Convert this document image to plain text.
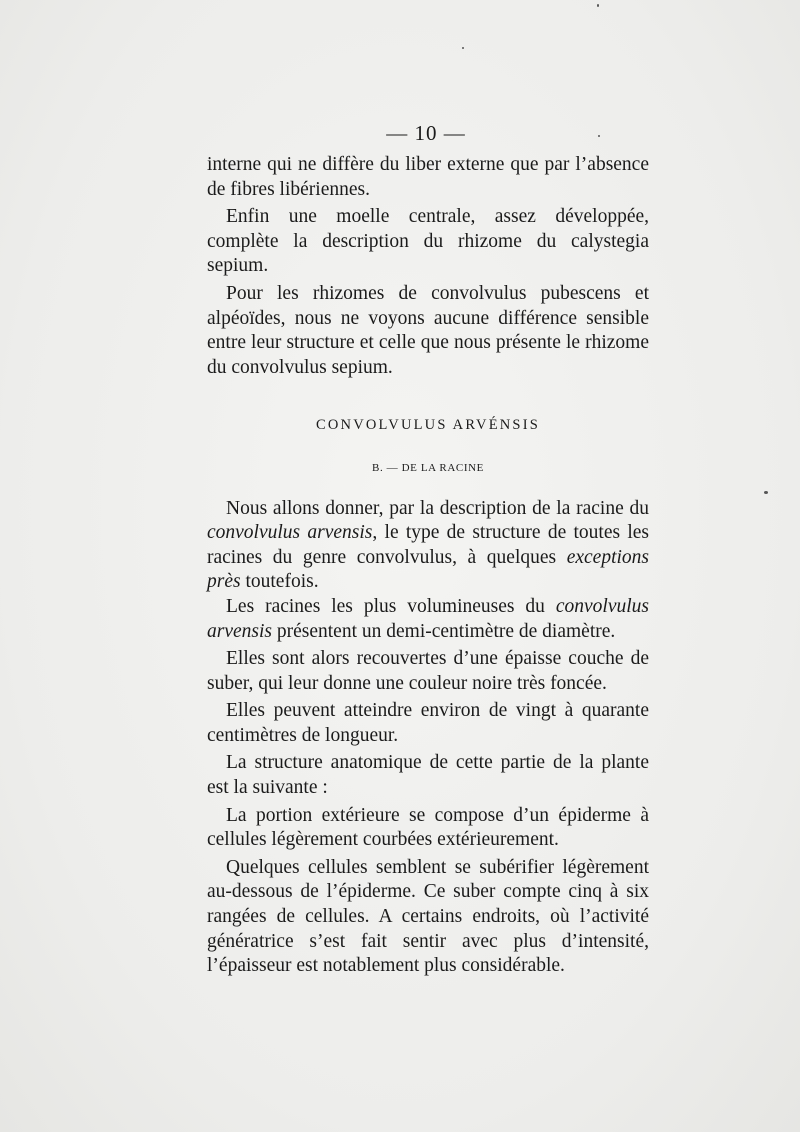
— 10 —

interne qui ne diffère du liber externe que par l’absence de fibres libériennes.

Enfin une moelle centrale, assez développée, complète la description du rhizome du calystegia sepium.

Pour les rhizomes de convolvulus pubescens et alpéoïdes, nous ne voyons aucune différence sensible entre leur structure et celle que nous présente le rhizome du convolvulus sepium.

CONVOLVULUS ARVÉNSIS

B. — DE LA RACINE

Nous allons donner, par la description de la racine du convolvulus arvensis, le type de structure de toutes les racines du genre convolvulus, à quelques exceptions près toutefois.

Les racines les plus volumineuses du convolvulus arvensis présentent un demi-centimètre de diamètre.

Elles sont alors recouvertes d’une épaisse couche de suber, qui leur donne une couleur noire très foncée.

Elles peuvent atteindre environ de vingt à quarante centimètres de longueur.

La structure anatomique de cette partie de la plante est la suivante :

La portion extérieure se compose d’un épiderme à cellules légèrement courbées extérieurement.

Quelques cellules semblent se subérifier légèrement au-dessous de l’épiderme. Ce suber compte cinq à six rangées de cellules. A certains endroits, où l’activité génératrice s’est fait sentir avec plus d’intensité, l’épaisseur est notablement plus considérable.
